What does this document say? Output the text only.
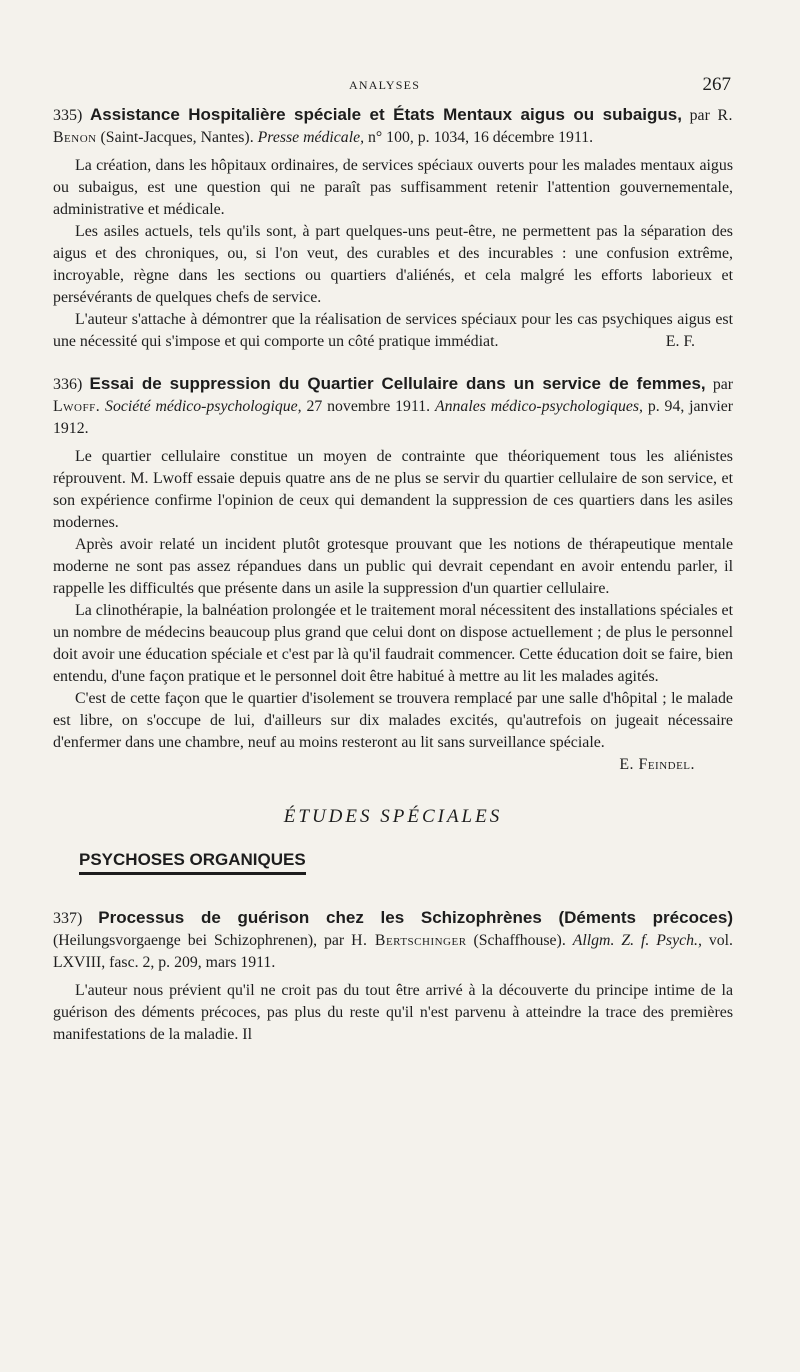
ANALYSES	267

335) Assistance Hospitalière spéciale et États Mentaux aigus ou subaigus, par R. Benon (Saint-Jacques, Nantes). Presse médicale, n° 100, p. 1034, 16 décembre 1911.

La création, dans les hôpitaux ordinaires, de services spéciaux ouverts pour les malades mentaux aigus ou subaigus, est une question qui ne paraît pas suffisamment retenir l'attention gouvernementale, administrative et médicale.

Les asiles actuels, tels qu'ils sont, à part quelques-uns peut-être, ne permettent pas la séparation des aigus et des chroniques, ou, si l'on veut, des curables et des incurables : une confusion extrême, incroyable, règne dans les sections ou quartiers d'aliénés, et cela malgré les efforts laborieux et persévérants de quelques chefs de service.

L'auteur s'attache à démontrer que la réalisation de services spéciaux pour les cas psychiques aigus est une nécessité qui s'impose et qui comporte un côté pratique immédiat.	E. F.

336) Essai de suppression du Quartier Cellulaire dans un service de femmes, par Lwoff. Société médico-psychologique, 27 novembre 1911. Annales médico-psychologiques, p. 94, janvier 1912.

Le quartier cellulaire constitue un moyen de contrainte que théoriquement tous les aliénistes réprouvent. M. Lwoff essaie depuis quatre ans de ne plus se servir du quartier cellulaire de son service, et son expérience confirme l'opinion de ceux qui demandent la suppression de ces quartiers dans les asiles modernes.

Après avoir relaté un incident plutôt grotesque prouvant que les notions de thérapeutique mentale moderne ne sont pas assez répandues dans un public qui devrait cependant en avoir entendu parler, il rappelle les difficultés que présente dans un asile la suppression d'un quartier cellulaire.

La clinothérapie, la balnéation prolongée et le traitement moral nécessitent des installations spéciales et un nombre de médecins beaucoup plus grand que celui dont on dispose actuellement ; de plus le personnel doit avoir une éducation spéciale et c'est par là qu'il faudrait commencer. Cette éducation doit se faire, bien entendu, d'une façon pratique et le personnel doit être habitué à mettre au lit les malades agités.

C'est de cette façon que le quartier d'isolement se trouvera remplacé par une salle d'hôpital ; le malade est libre, on s'occupe de lui, d'ailleurs sur dix malades excités, qu'autrefois on jugeait nécessaire d'enfermer dans une chambre, neuf au moins resteront au lit sans surveillance spéciale.
E. Feindel.

ÉTUDES SPÉCIALES
PSYCHOSES ORGANIQUES

337) Processus de guérison chez les Schizophrènes (Déments précoces) (Heilungsvorgaenge bei Schizophrenen), par H. Bertschinger (Schaffhouse). Allgm. Z. f. Psych., vol. LXVIII, fasc. 2, p. 209, mars 1911.

L'auteur nous prévient qu'il ne croit pas du tout être arrivé à la découverte du principe intime de la guérison des déments précoces, pas plus du reste qu'il n'est parvenu à atteindre la trace des premières manifestations de la maladie. Il
